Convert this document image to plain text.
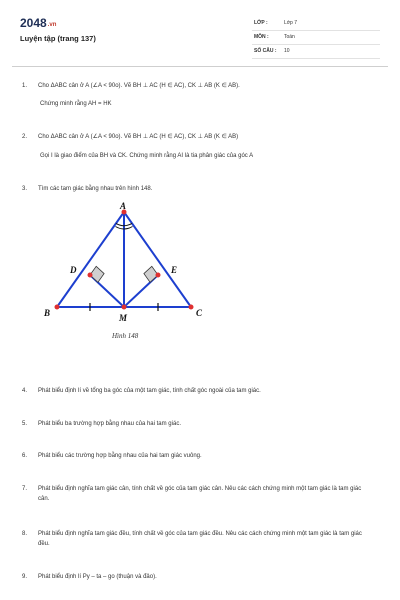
2048.vn
Luyện tập (trang 137)
LỚP :	Lớp 7
MÔN :	Toán
SỐ CÂU : 10
1. Cho ΔABC cân ở A (∠A < 90o). Vẽ BH ⊥ AC (H ∈ AC), CK ⊥ AB (K ∈ AB).
Chứng minh rằng AH = HK
2. Cho ΔABC cân ở A (∠A < 90o). Vẽ BH ⊥ AC (H ∈ AC), CK ⊥ AB (K ∈ AB)
Gọi I là giao điểm của BH và CK. Chứng minh rằng AI là tia phân giác của góc A
3. Tìm các tam giác bằng nhau trên hình 148.
A
B	C
M
D	E
Hình 148
4. Phát biểu định lí về tổng ba góc của một tam giác, tính chất góc ngoài của tam giác.
5. Phát biểu ba trường hợp bằng nhau của hai tam giác.
6. Phát biểu các trường hợp bằng nhau của hai tam giác vuông.
7. Phát biểu định nghĩa tam giác cân, tính chất về góc của tam giác cân. Nêu các cách chứng minh một tam giác là tam giác cân.
8. Phát biểu định nghĩa tam giác đều, tính chất về góc của tam giác đều. Nêu các cách chứng minh một tam giác là tam giác đều.
9. Phát biểu định lí Py – ta – go (thuận và đảo).
